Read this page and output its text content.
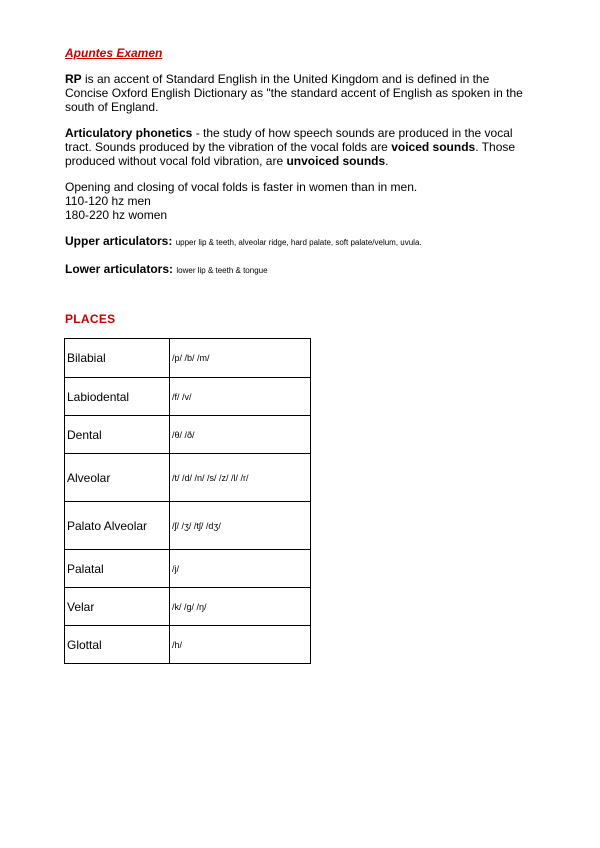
Apuntes Examen
RP is an accent of Standard English in the United Kingdom and is defined in the Concise Oxford English Dictionary as "the standard accent of English as spoken in the south of England.
Articulatory phonetics - the study of how speech sounds are produced in the vocal tract. Sounds produced by the vibration of the vocal folds are voiced sounds. Those produced without vocal fold vibration, are unvoiced sounds.
Opening and closing of vocal folds is faster in women than in men.
110-120 hz men
180-220 hz women
Upper articulators: upper lip & teeth, alveolar ridge, hard palate, soft palate/velum, uvula.
Lower articulators: lower lip & teeth & tongue
PLACES
Bilabial	/p/ /b/ /m/
Labiodental	/f/ /v/
Dental	/θ/ /ð/
Alveolar	/t/ /d/ /n/ /s/ /z/ /l/ /r/
Palato Alveolar	/ʃ/ /ʒ/ /tʃ/ /dʒ/
Palatal	/j/
Velar	/k/ /g/ /ŋ/
Glottal	/h/
